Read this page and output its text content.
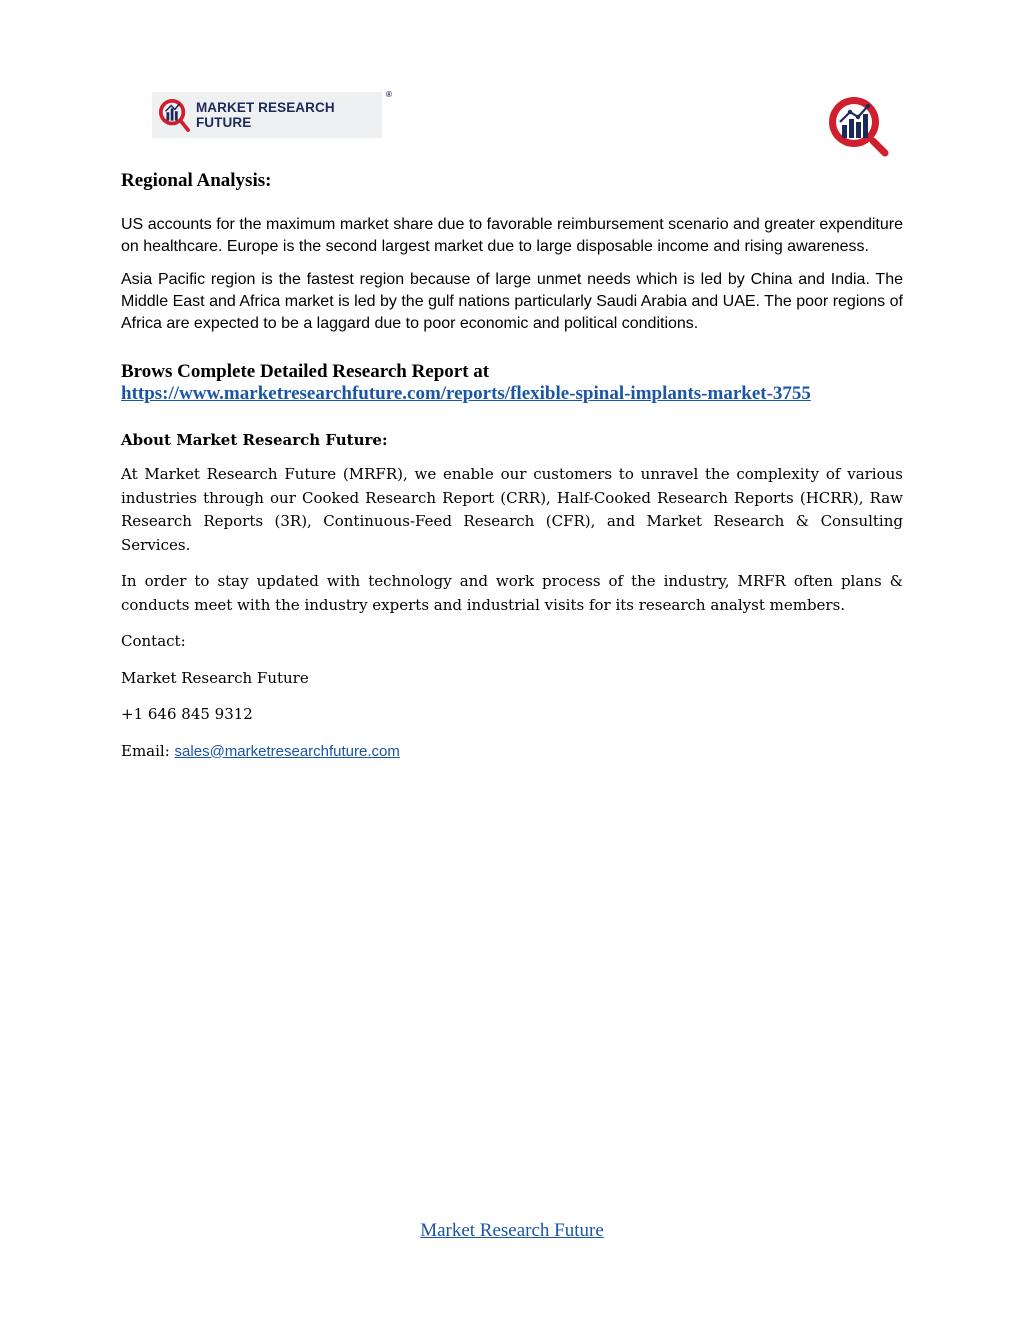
MARKET RESEARCH FUTURE
®
Regional Analysis:

US accounts for the maximum market share due to favorable reimbursement scenario and greater expenditure on healthcare. Europe is the second largest market due to large disposable income and rising awareness.

Asia Pacific region is the fastest region because of large unmet needs which is led by China and India. The Middle East and Africa market is led by the gulf nations particularly Saudi Arabia and UAE. The poor regions of Africa are expected to be a laggard due to poor economic and political conditions.

Brows Complete Detailed Research Report at
https://www.marketresearchfuture.com/reports/flexible-spinal-implants-market-3755
About Market Research Future:

At Market Research Future (MRFR), we enable our customers to unravel the complexity of various industries through our Cooked Research Report (CRR), Half-Cooked Research Reports (HCRR), Raw Research Reports (3R), Continuous-Feed Research (CFR), and Market Research & Consulting Services.

In order to stay updated with technology and work process of the industry, MRFR often plans & conducts meet with the industry experts and industrial visits for its research analyst members.

Contact:

Market Research Future

+1 646 845 9312

Email: sales@marketresearchfuture.com

Market Research Future
